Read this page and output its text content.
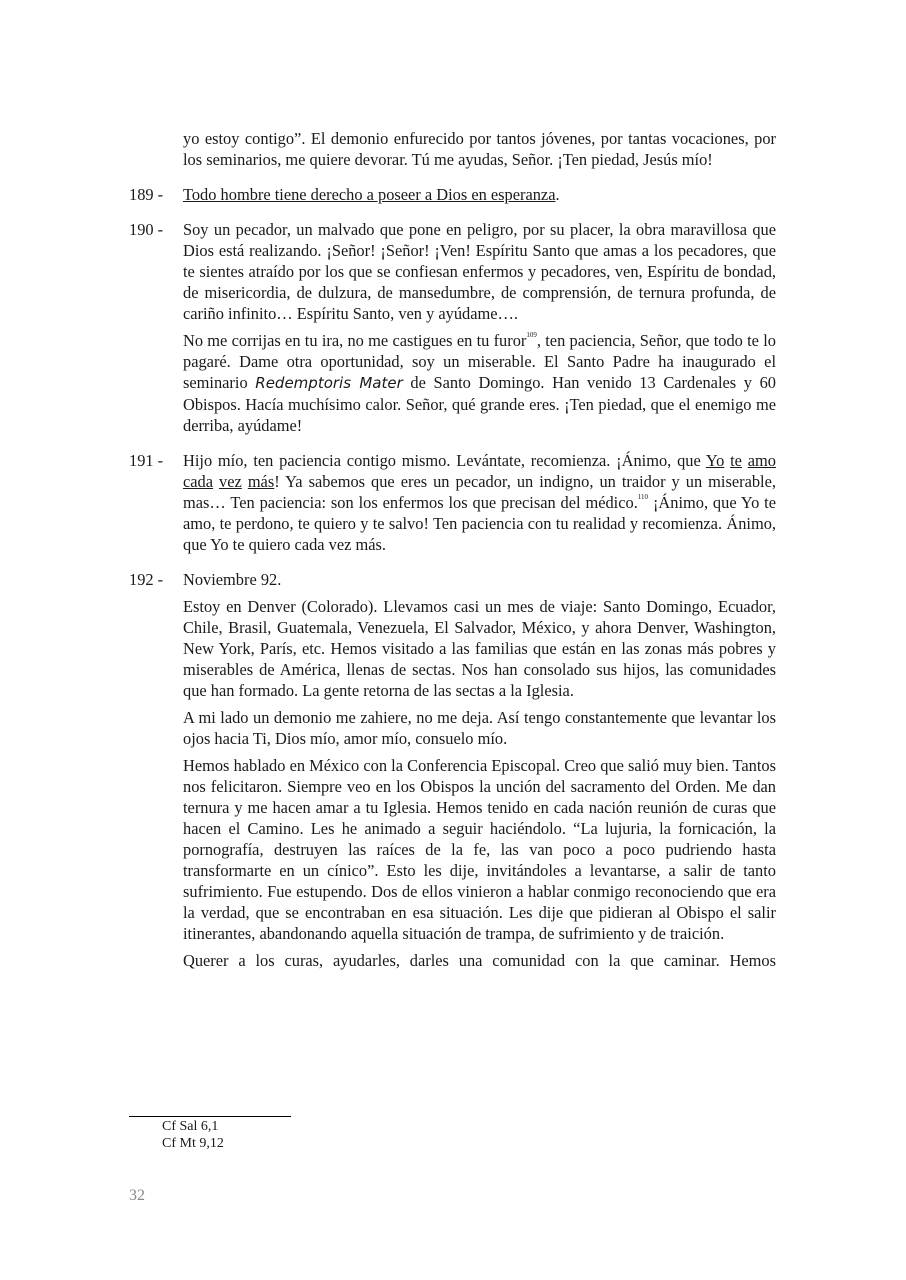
yo estoy contigo”. El demonio enfurecido por tantos jóvenes, por tantas vocaciones, por los seminarios, me quiere devorar. Tú me ayudas, Señor. ¡Ten piedad, Jesús mío!

189 - Todo hombre tiene derecho a poseer a Dios en esperanza.

190 - Soy un pecador, un malvado que pone en peligro, por su placer, la obra maravillosa que Dios está realizando. ¡Señor! ¡Señor! ¡Ven! Espíritu Santo que amas a los pecadores, que te sientes atraído por los que se confiesan enfermos y pecadores, ven, Espíritu de bondad, de misericordia, de dulzura, de mansedumbre, de comprensión, de ternura profunda, de cariño infinito… Espíritu Santo, ven y ayúdame….

No me corrijas en tu ira, no me castigues en tu furor$^{109}$, ten paciencia, Señor, que todo te lo pagaré. Dame otra oportunidad, soy un miserable. El Santo Padre ha inaugurado el seminario Redemptoris Mater de Santo Domingo. Han venido 13 Cardenales y 60 Obispos. Hacía muchísimo calor. Señor, qué grande eres. ¡Ten piedad, que el enemigo me derriba, ayúdame!

191 - Hijo mío, ten paciencia contigo mismo. Levántate, recomienza. ¡Ánimo, que Yo te amo cada vez más! Ya sabemos que eres un pecador, un indigno, un traidor y un miserable, mas… Ten paciencia: son los enfermos los que precisan del médico.$^{110}$ ¡Ánimo, que Yo te amo, te perdono, te quiero y te salvo! Ten paciencia con tu realidad y recomienza. Ánimo, que Yo te quiero cada vez más.

192 - Noviembre 92.

Estoy en Denver (Colorado). Llevamos casi un mes de viaje: Santo Domingo, Ecuador, Chile, Brasil, Guatemala, Venezuela, El Salvador, México, y ahora Denver, Washington, New York, París, etc. Hemos visitado a las familias que están en las zonas más pobres y miserables de América, llenas de sectas. Nos han consolado sus hijos, las comunidades que han formado. La gente retorna de las sectas a la Iglesia.

A mi lado un demonio me zahiere, no me deja. Así tengo constantemente que levantar los ojos hacia Ti, Dios mío, amor mío, consuelo mío.

Hemos hablado en México con la Conferencia Episcopal. Creo que salió muy bien. Tantos nos felicitaron. Siempre veo en los Obispos la unción del sacramento del Orden. Me dan ternura y me hacen amar a tu Iglesia. Hemos tenido en cada nación reunión de curas que hacen el Camino. Les he animado a seguir haciéndolo. “La lujuria, la fornicación, la pornografía, destruyen las raíces de la fe, las van poco a poco pudriendo hasta transformarte en un cínico”. Esto les dije, invitándoles a levantarse, a salir de tanto sufrimiento. Fue estupendo. Dos de ellos vinieron a hablar conmigo reconociendo que era la verdad, que se encontraban en esa situación. Les dije que pidieran al Obispo el salir itinerantes, abandonando aquella situación de trampa, de sufrimiento y de traición.

Querer a los curas, ayudarles, darles una comunidad con la que caminar. Hemos

Cf Sal 6,1
Cf Mt 9,12
32
